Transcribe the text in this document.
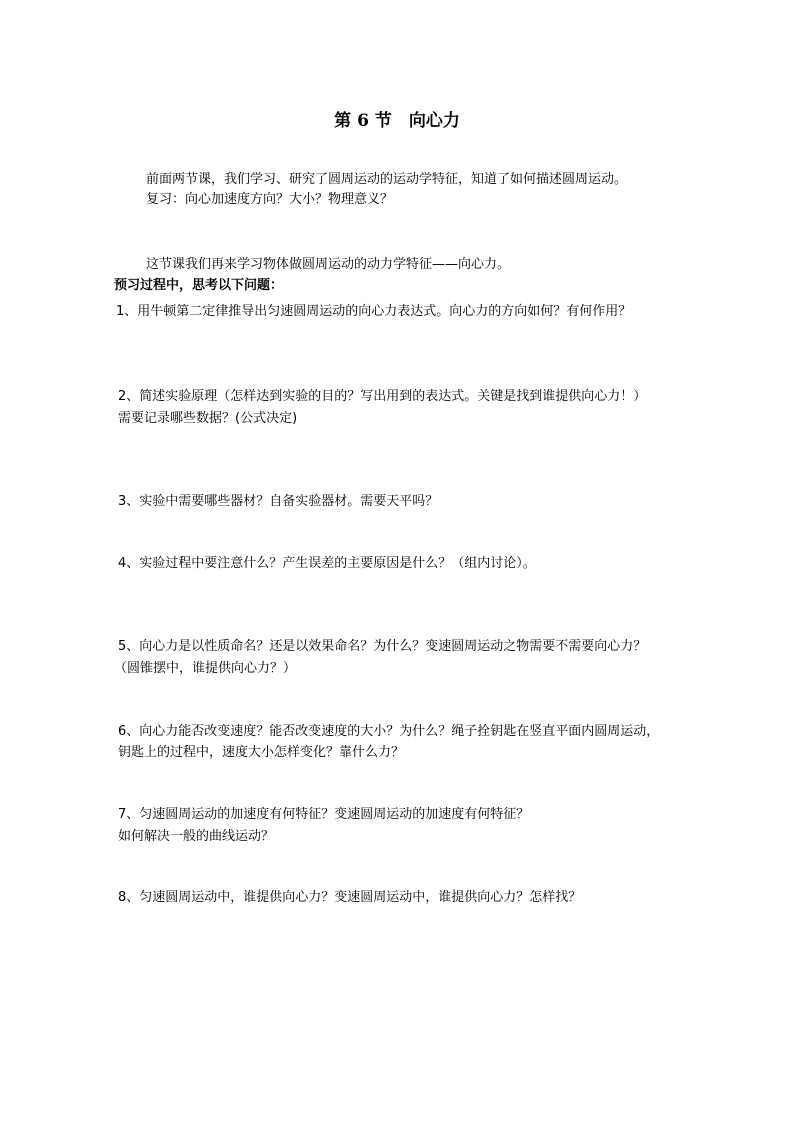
第 6 节　向心力
前面两节课，我们学习、研究了圆周运动的运动学特征，知道了如何描述圆周运动。
复习：向心加速度方向？大小？物理意义？
这节课我们再来学习物体做圆周运动的动力学特征——向心力。
预习过程中，思考以下问题：
1、用牛顿第二定律推导出匀速圆周运动的向心力表达式。向心力的方向如何？有何作用？
2、简述实验原理（怎样达到实验的目的？写出用到的表达式。关键是找到谁提供向心力！）
需要记录哪些数据？(公式决定)
3、实验中需要哪些器材？自备实验器材。需要天平吗？
4、实验过程中要注意什么？产生误差的主要原因是什么？（组内讨论）。
5、向心力是以性质命名？还是以效果命名？为什么？变速圆周运动之物需要不需要向心力？
（圆锥摆中，谁提供向心力？）
6、向心力能否改变速度？能否改变速度的大小？为什么？绳子拴钥匙在竖直平面内圆周运动，
钥匙上的过程中，速度大小怎样变化？靠什么力？
7、匀速圆周运动的加速度有何特征？变速圆周运动的加速度有何特征？
如何解决一般的曲线运动？
8、匀速圆周运动中，谁提供向心力？变速圆周运动中，谁提供向心力？怎样找？
